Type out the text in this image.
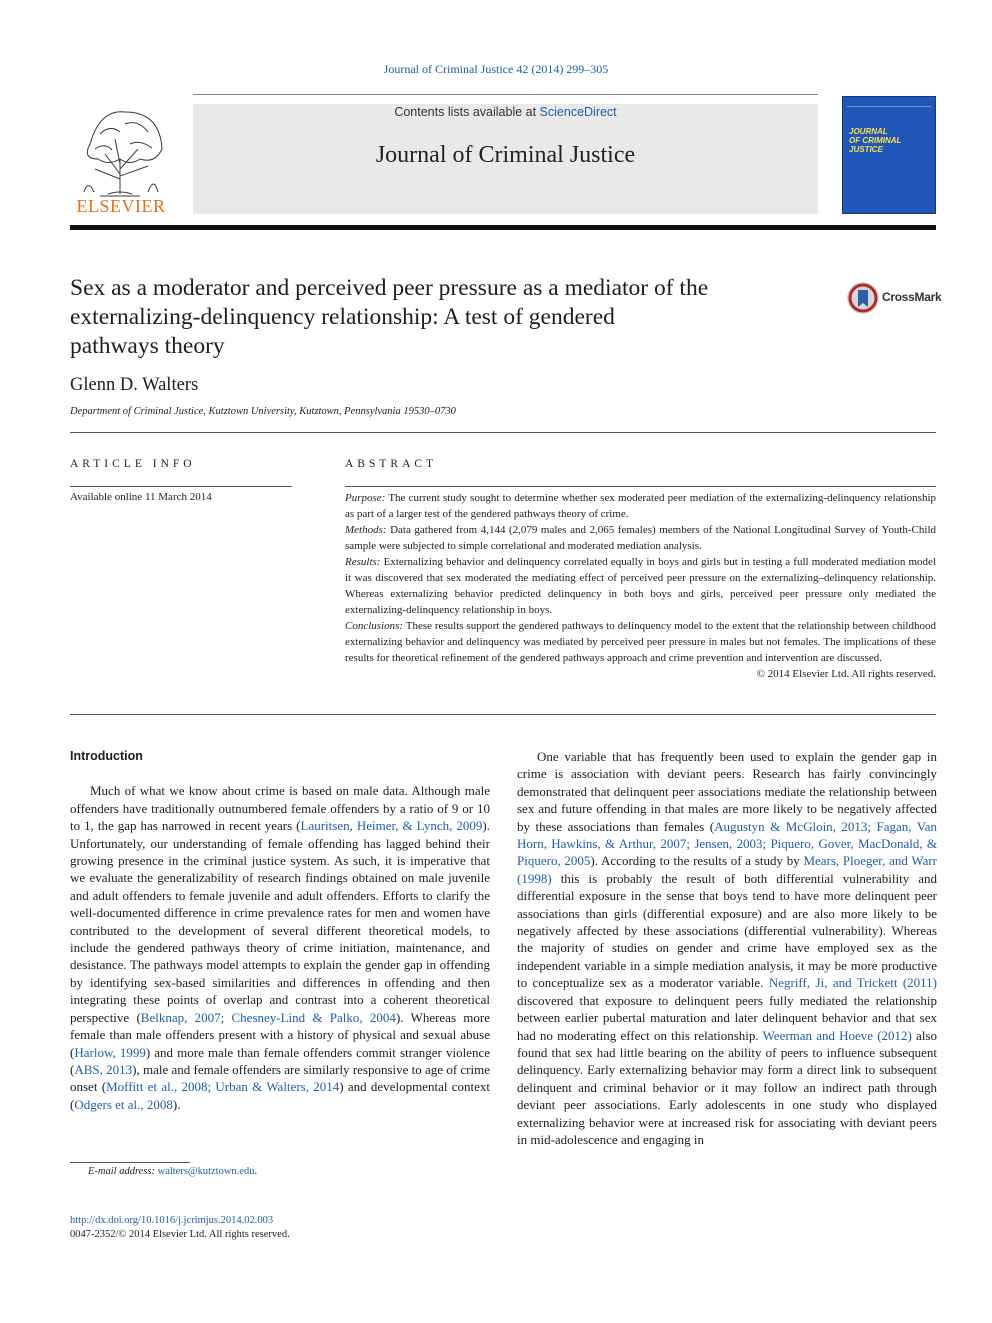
Journal of Criminal Justice 42 (2014) 299–305
ELSEVIER
Contents lists available at ScienceDirect
Journal of Criminal Justice
JOURNAL
OF CRIMINAL
JUSTICE
Sex as a moderator and perceived peer pressure as a mediator of the
externalizing-delinquency relationship: A test of gendered
pathways theory
CrossMark
Glenn D. Walters
Department of Criminal Justice, Kutztown University, Kutztown, Pennsylvania 19530–0730
ARTICLE INFO	ABSTRACT
Available online 11 March 2014	Purpose: The current study sought to determine whether sex moderated peer mediation of the externalizing-delinquency relationship as part of a larger test of the gendered pathways theory of crime.

Methods: Data gathered from 4,144 (2,079 males and 2,065 females) members of the National Longitudinal Survey of Youth-Child sample were subjected to simple correlational and moderated mediation analysis.

Results: Externalizing behavior and delinquency correlated equally in boys and girls but in testing a full moderated mediation model it was discovered that sex moderated the mediating effect of perceived peer pressure on the externalizing–delinquency relationship. Whereas externalizing behavior predicted delinquency in both boys and girls, perceived peer pressure only mediated the externalizing-delinquency relationship in boys.

Conclusions: These results support the gendered pathways to delinquency model to the extent that the relationship between childhood externalizing behavior and delinquency was mediated by perceived peer pressure in males but not females. The implications of these results for theoretical refinement of the gendered pathways approach and crime prevention and intervention are discussed.

© 2014 Elsevier Ltd. All rights reserved.

Introduction

Much of what we know about crime is based on male data. Although male offenders have traditionally outnumbered female offenders by a ratio of 9 or 10 to 1, the gap has narrowed in recent years (Lauritsen, Heimer, & Lynch, 2009). Unfortunately, our understanding of female offending has lagged behind their growing presence in the criminal justice system. As such, it is imperative that we evaluate the generalizability of research findings obtained on male juvenile and adult offenders to female juvenile and adult offenders. Efforts to clarify the well-documented difference in crime prevalence rates for men and women have contributed to the development of several different theoretical models, to include the gendered pathways theory of crime initiation, maintenance, and desistance. The pathways model attempts to explain the gender gap in offending by identifying sex-based similarities and differences in offending and then integrating these points of overlap and contrast into a coherent theoretical perspective (Belknap, 2007; Chesney-Lind & Palko, 2004). Whereas more female than male offenders present with a history of physical and sexual abuse (Harlow, 1999) and more male than female offenders commit stranger violence (ABS, 2013), male and female offenders are similarly responsive to age of crime onset (Moffitt et al., 2008; Urban & Walters, 2014) and developmental context (Odgers et al., 2008).

One variable that has frequently been used to explain the gender gap in crime is association with deviant peers. Research has fairly convincingly demonstrated that delinquent peer associations mediate the relationship between sex and future offending in that males are more likely to be negatively affected by these associations than females (Augustyn & McGloin, 2013; Fagan, Van Horn, Hawkins, & Arthur, 2007; Jensen, 2003; Piquero, Gover, MacDonald, & Piquero, 2005). According to the results of a study by Mears, Ploeger, and Warr (1998) this is probably the result of both differential vulnerability and differential exposure in the sense that boys tend to have more delinquent peer associations than girls (differential exposure) and are also more likely to be negatively affected by these associations (differential vulnerability). Whereas the majority of studies on gender and crime have employed sex as the independent variable in a simple mediation analysis, it may be more productive to conceptualize sex as a moderator variable. Negriff, Ji, and Trickett (2011) discovered that exposure to delinquent peers fully mediated the relationship between earlier pubertal maturation and later delinquent behavior and that sex had no moderating effect on this relationship. Weerman and Hoeve (2012) also found that sex had little bearing on the ability of peers to influence subsequent delinquency. Early externalizing behavior may form a direct link to subsequent delinquent and criminal behavior or it may follow an indirect path through deviant peer associations. Early adolescents in one study who displayed externalizing behavior were at increased risk for associating with deviant peers in mid-adolescence and engaging in

E-mail address: walters@kutztown.edu.
http://dx.doi.org/10.1016/j.jcrimjus.2014.02.003
0047-2352/© 2014 Elsevier Ltd. All rights reserved.
